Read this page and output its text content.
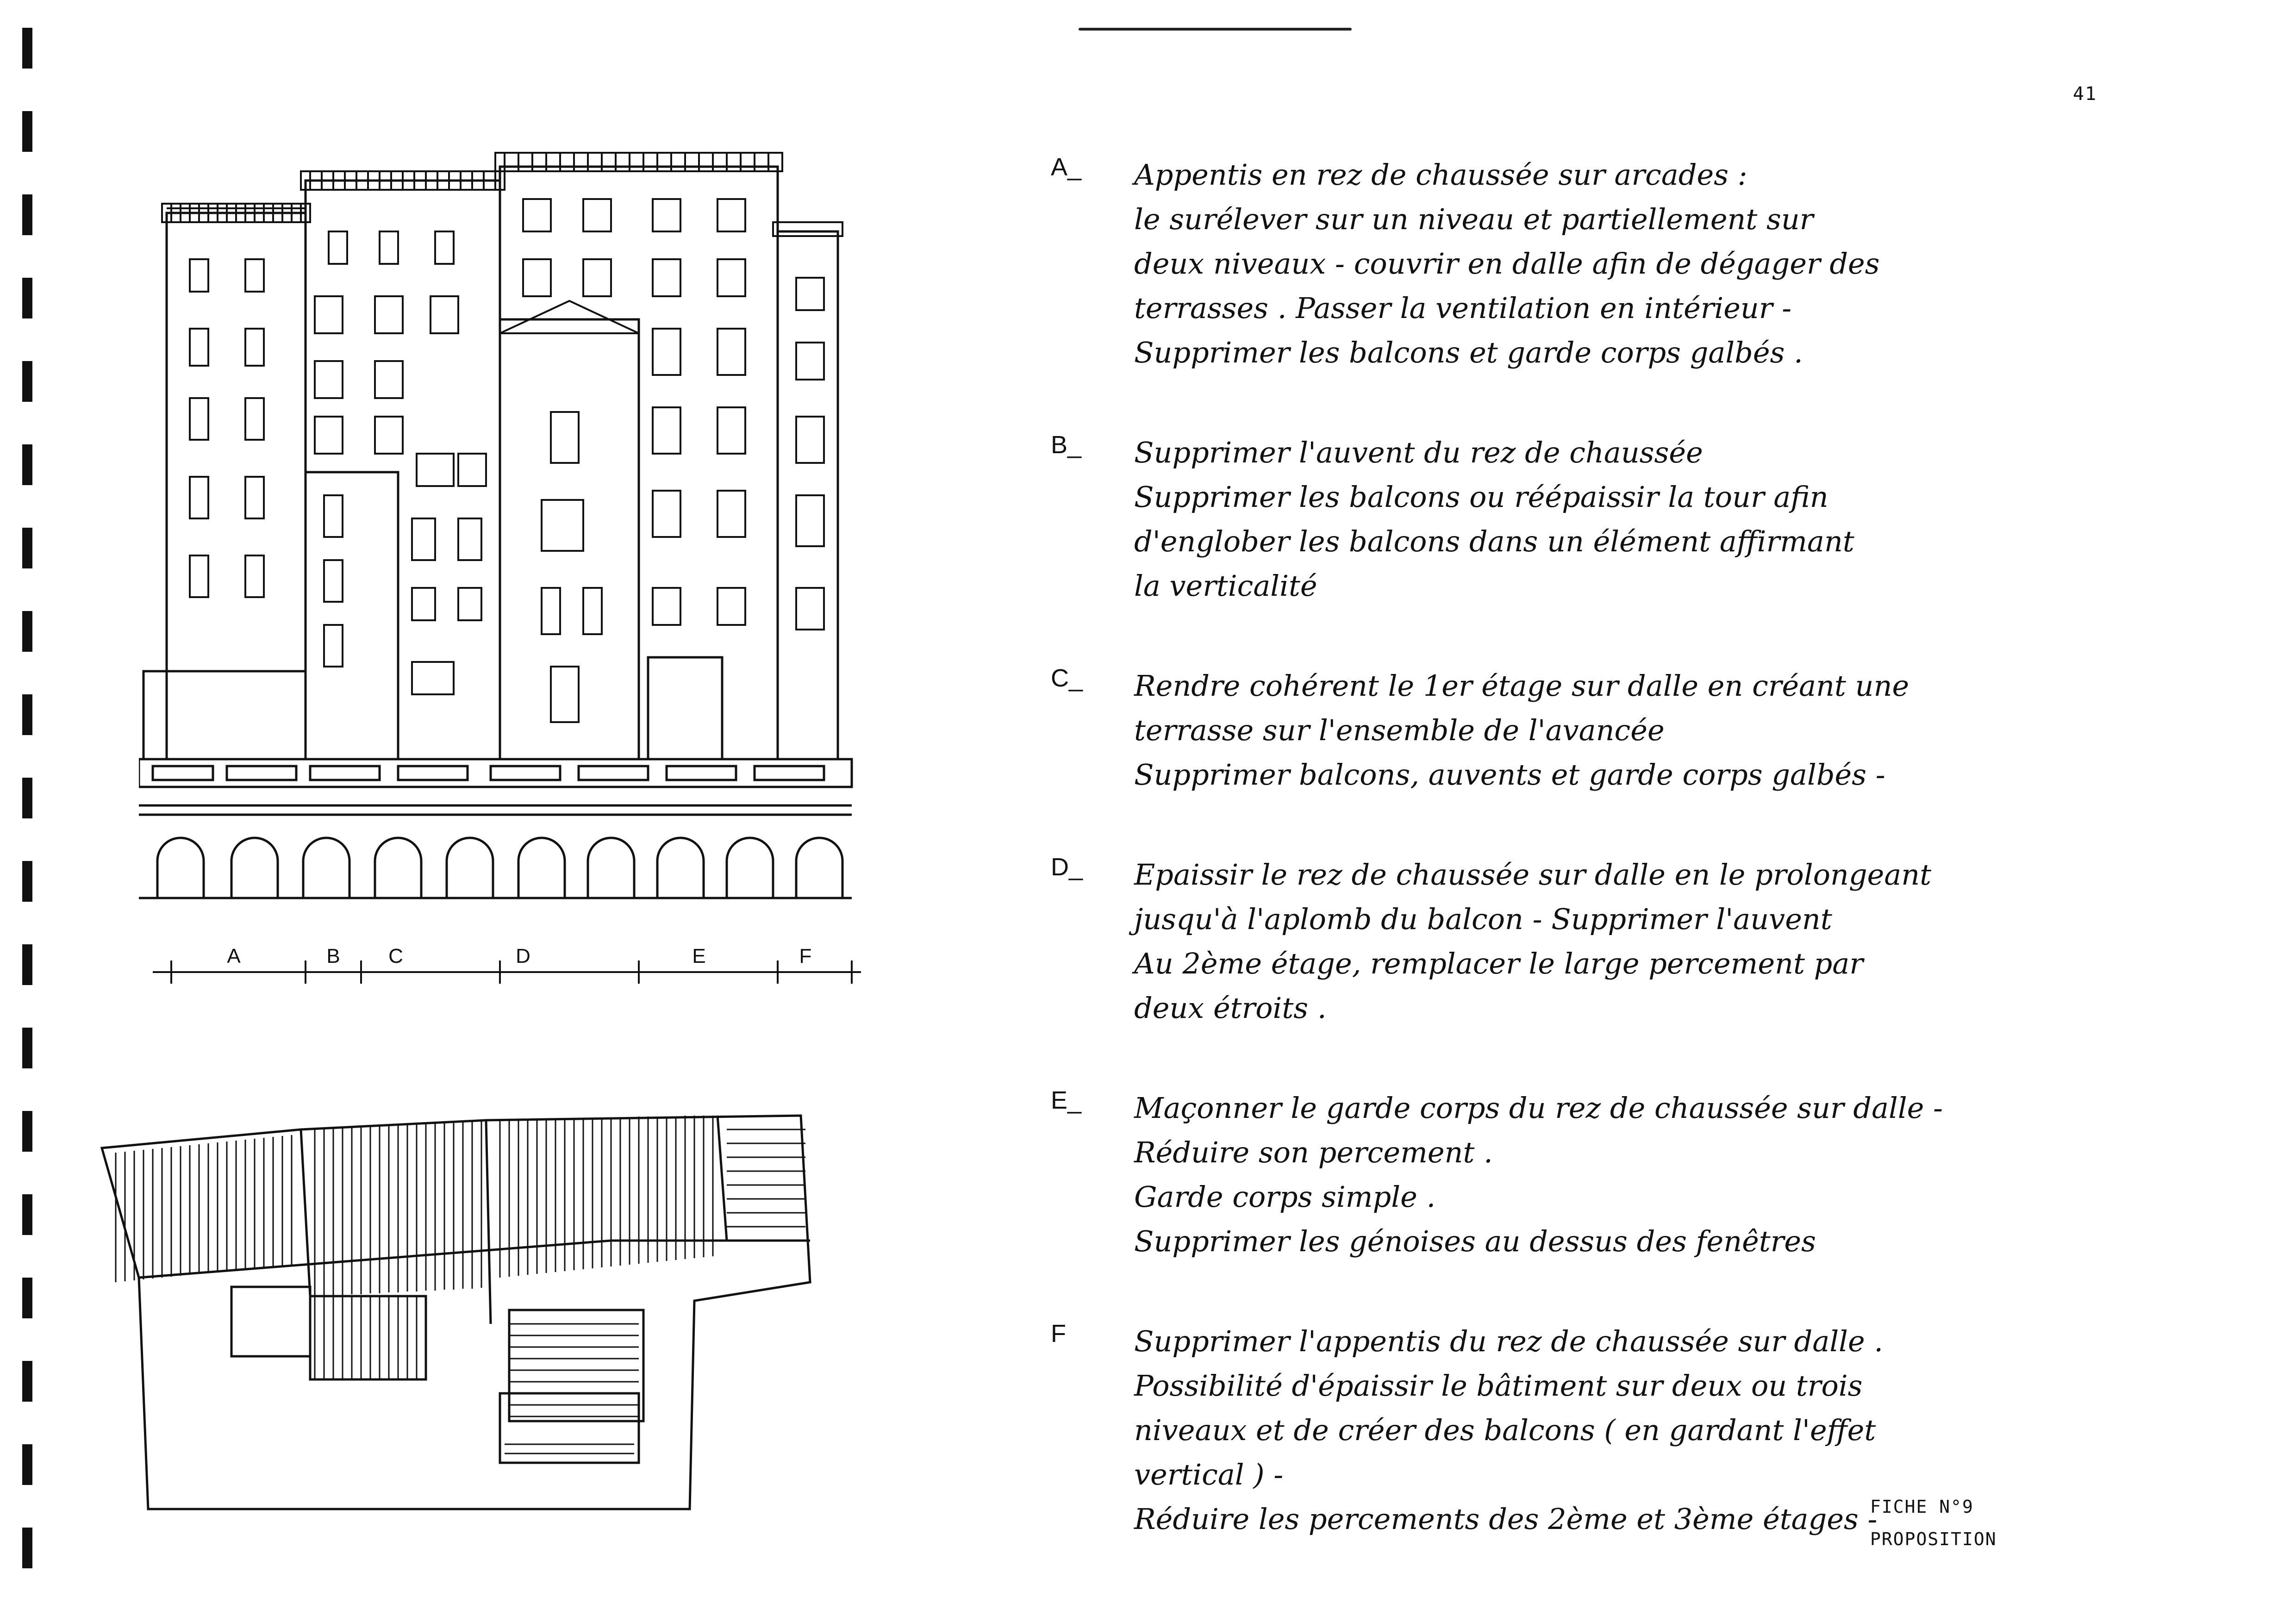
41
A	B C	D	E	F
A_ Appentis en rez de chaussée sur arcades :
le surélever sur un niveau et partiellement sur
deux niveaux - couvrir en dalle afin de dégager des
terrasses . Passer la ventilation en intérieur -
Supprimer les balcons et garde corps galbés .
B_ Supprimer l'auvent du rez de chaussée
Supprimer les balcons ou réépaissir la tour afin
d'englober les balcons dans un élément affirmant
la verticalité
C_ Rendre cohérent le 1er étage sur dalle en créant une
terrasse sur l'ensemble de l'avancée
Supprimer balcons, auvents et garde corps galbés -
D_ Epaissir le rez de chaussée sur dalle en le prolongeant
jusqu'à l'aplomb du balcon - Supprimer l'auvent
Au 2ème étage, remplacer le large percement par
deux étroits .
E_ Maçonner le garde corps du rez de chaussée sur dalle -
Réduire son percement .
Garde corps simple .
Supprimer les génoises au dessus des fenêtres
F Supprimer l'appentis du rez de chaussée sur dalle .
Possibilité d'épaissir le bâtiment sur deux ou trois
niveaux et de créer des balcons ( en gardant l'effet
vertical ) -
Réduire les percements des 2ème et 3ème étages -
FICHE N°9
PROPOSITION
